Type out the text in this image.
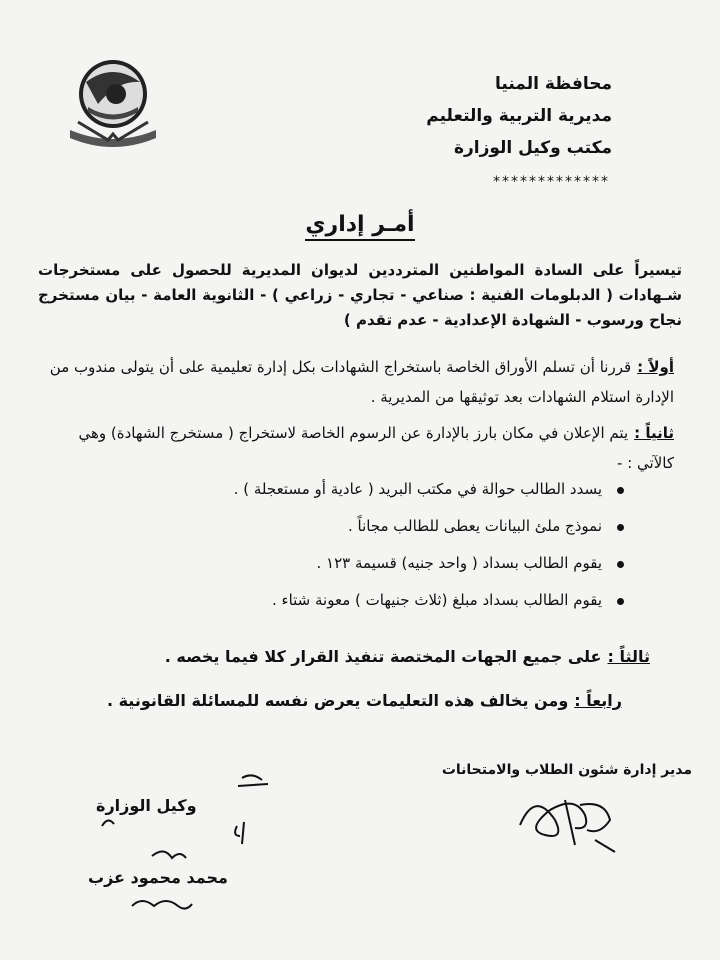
محافظة المنيا
مديرية التربية والتعليم
مكتب وكيل الوزارة
*************
أمـر إداري
تيسيراً على السادة المواطنين المترددين لديوان المديرية للحصول على مستخرجات شـهادات ( الدبلومات الفنية : صناعي - تجاري - زراعي ) - الثانوية العامة - بيان مستخرج نجاح ورسوب - الشهادة الإعدادية - عدم تقدم )
أولاً :قررنا أن تسلم الأوراق الخاصة باستخراج الشهادات بكل إدارة تعليمية على أن يتولى مندوب من الإدارة استلام الشهادات بعد توثيقها من المديرية .
ثانياً :يتم الإعلان في مكان بارز بالإدارة عن الرسوم الخاصة لاستخراج ( مستخرج الشهادة) وهي كالآتي : -
يسدد الطالب حوالة في مكتب البريد ( عادية أو مستعجلة ) .
نموذج ملئ البيانات يعطى للطالب مجاناً .
يقوم الطالب بسداد ( واحد جنيه) قسيمة ١٢٣ .
يقوم الطالب بسداد مبلغ (ثلاث جنيهات ) معونة شتاء .
ثالثاً :على جميع الجهات المختصة تنفيذ القرار كلا فيما يخصه .
رابعاً :ومن يخالف هذه التعليمات يعرض نفسه للمسائلة القانونية .
مدير إدارة شئون الطلاب والامتحانات
وكيل الوزارة
محمد محمود عزب
